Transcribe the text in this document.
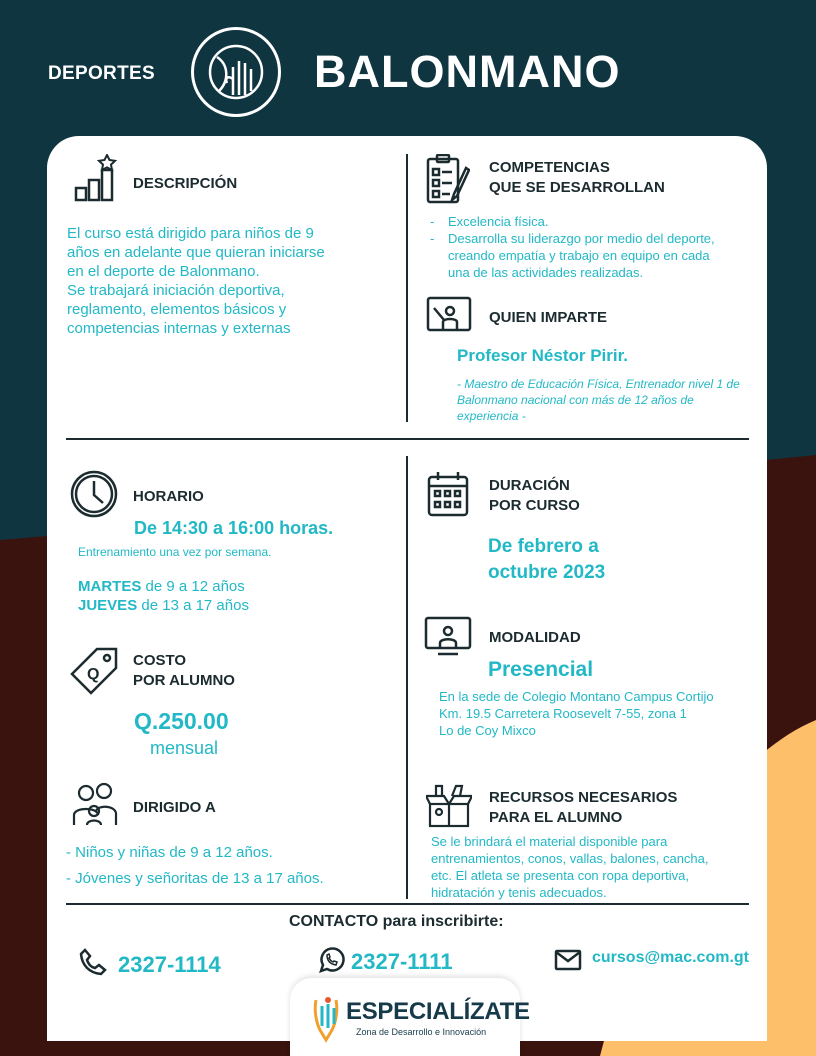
DEPORTES	BALONMANO
DESCRIPCIÓN
El curso está dirigido para niños de 9
años en adelante que quieran iniciarse
en el deporte de Balonmano.
Se trabajará iniciación deportiva,
reglamento, elementos básicos y
competencias internas y externas
COMPETENCIAS
QUE SE DESARROLLAN
- Excelencia física.
- Desarrolla su liderazgo por medio del deporte, creando empatía y trabajo en equipo en cada una de las actividades realizadas.
QUIEN IMPARTE
Profesor Néstor Pirir.
- Maestro de Educación Física, Entrenador nivel 1 de Balonmano nacional con más de 12 años de experiencia -
HORARIO
De 14:30 a 16:00 horas.
Entrenamiento una vez por semana.
MARTES de 9 a 12 años
JUEVES de 13 a 17 años
DURACIÓN
POR CURSO
De febrero a
octubre 2023
Q
COSTO
POR ALUMNO
Q.250.00
mensual
MODALIDAD
Presencial
En la sede de Colegio Montano Campus Cortijo
Km. 19.5 Carretera Roosevelt 7-55, zona 1
Lo de Coy Mixco
DIRIGIDO A
- Niños y niñas de 9 a 12 años.
- Jóvenes y señoritas de 13 a 17 años.
RECURSOS NECESARIOS
PARA EL ALUMNO
Se le brindará el material disponible para
entrenamientos, conos, vallas, balones, cancha,
etc. El atleta se presenta con ropa deportiva,
hidratación y tenis adecuados.
CONTACTO para inscribirte:
2327-1114	2327-1111	cursos@mac.com.gt
ESPECIALÍZATE
Zona de Desarrollo e Innovación
